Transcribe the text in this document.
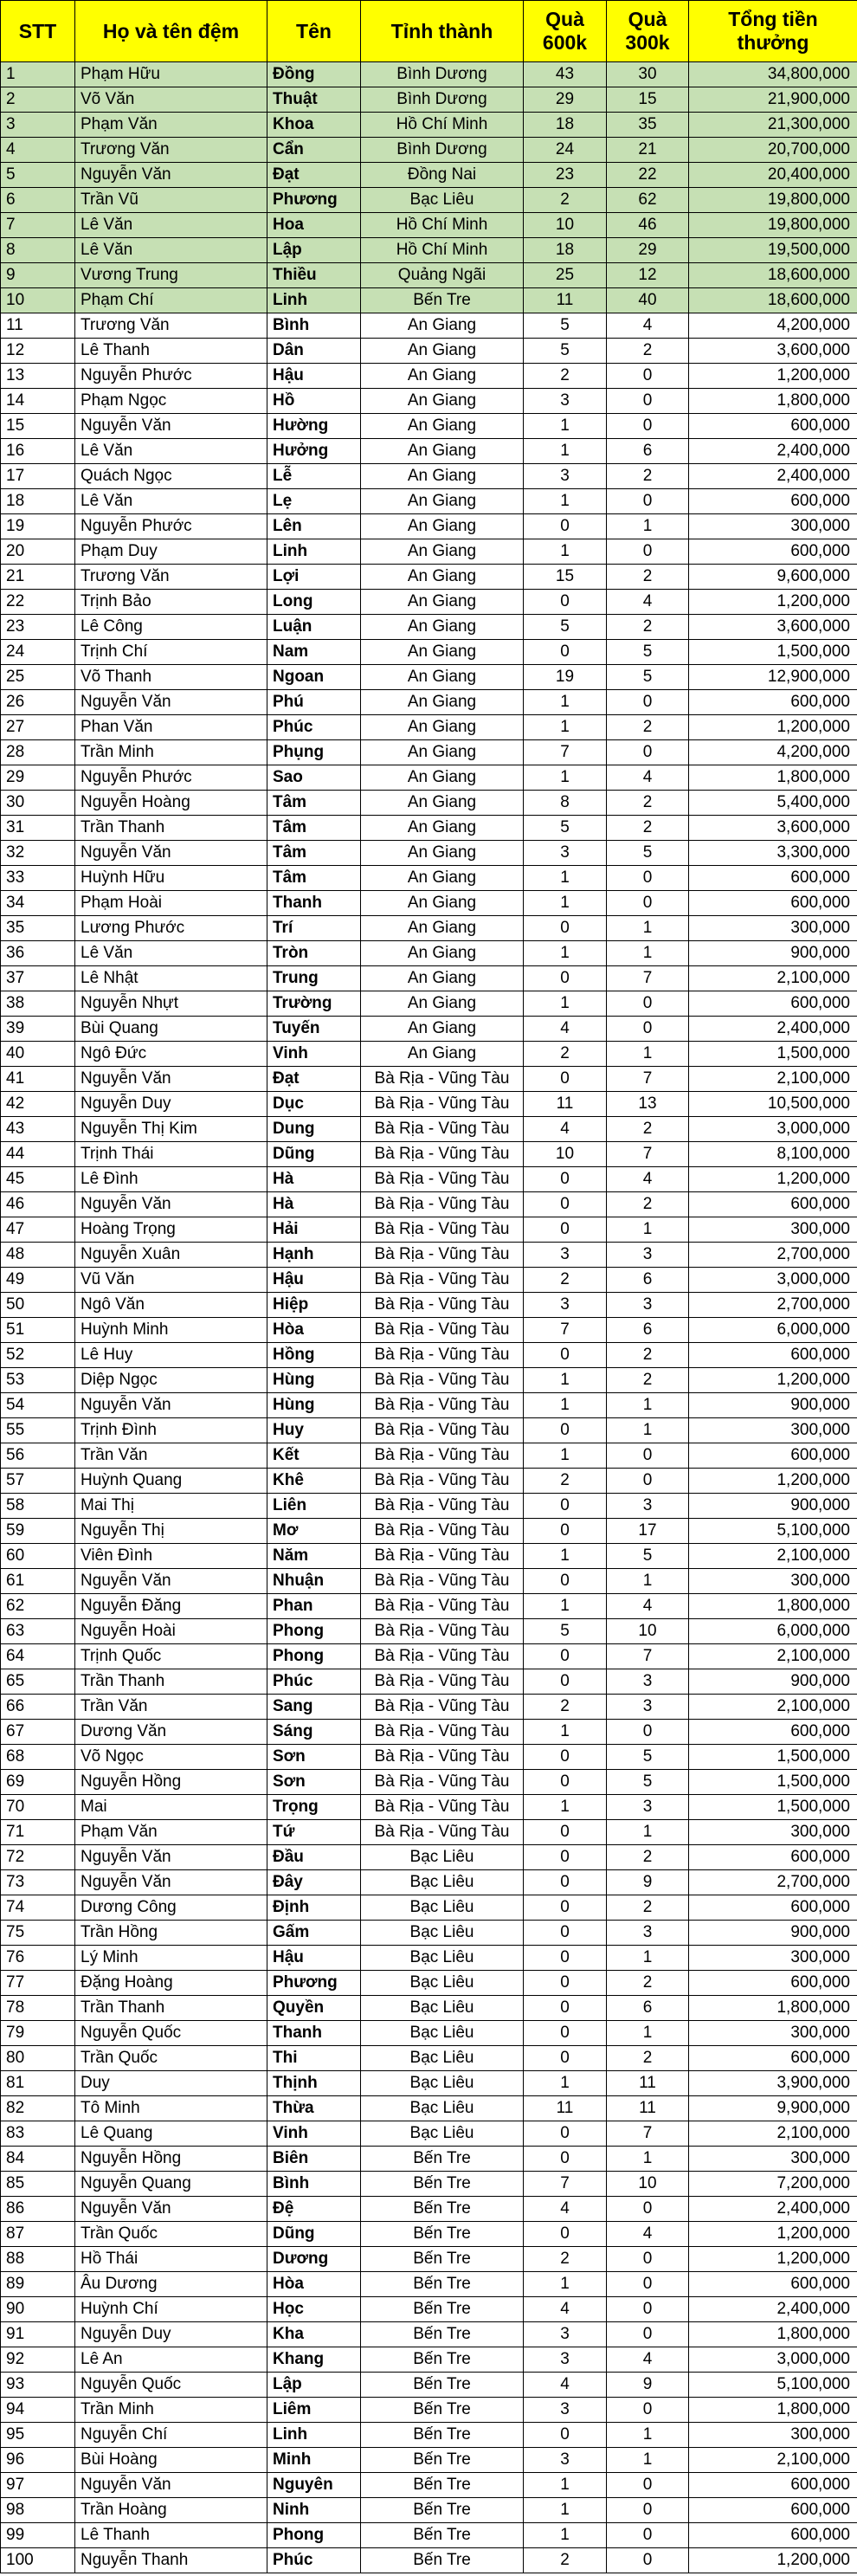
STT	Họ và tên đệm	Tên	Tỉnh thành	Quà 600k	Quà 300k	Tổng tiền thưởng
1	Phạm Hữu	Đồng	Bình Dương	43	30	34,800,000
2	Võ Văn	Thuật	Bình Dương	29	15	21,900,000
3	Phạm Văn	Khoa	Hồ Chí Minh	18	35	21,300,000
4	Trương Văn	Cẩn	Bình Dương	24	21	20,700,000
5	Nguyễn Văn	Đạt	Đồng Nai	23	22	20,400,000
6	Trần Vũ	Phương	Bạc Liêu	2	62	19,800,000
7	Lê Văn	Hoa	Hồ Chí Minh	10	46	19,800,000
8	Lê Văn	Lập	Hồ Chí Minh	18	29	19,500,000
9	Vương Trung	Thiều	Quảng Ngãi	25	12	18,600,000
10	Phạm Chí	Linh	Bến Tre	11	40	18,600,000
11	Trương Văn	Bình	An Giang	5	4	4,200,000
12	Lê Thanh	Dân	An Giang	5	2	3,600,000
13	Nguyễn Phước	Hậu	An Giang	2	0	1,200,000
14	Phạm Ngọc	Hồ	An Giang	3	0	1,800,000
15	Nguyễn Văn	Hường	An Giang	1	0	600,000
16	Lê Văn	Hưởng	An Giang	1	6	2,400,000
17	Quách Ngọc	Lễ	An Giang	3	2	2,400,000
18	Lê Văn	Lẹ	An Giang	1	0	600,000
19	Nguyễn Phước	Lên	An Giang	0	1	300,000
20	Phạm Duy	Linh	An Giang	1	0	600,000
21	Trương Văn	Lợi	An Giang	15	2	9,600,000
22	Trịnh Bảo	Long	An Giang	0	4	1,200,000
23	Lê Công	Luận	An Giang	5	2	3,600,000
24	Trịnh Chí	Nam	An Giang	0	5	1,500,000
25	Võ Thanh	Ngoan	An Giang	19	5	12,900,000
26	Nguyễn Văn	Phú	An Giang	1	0	600,000
27	Phan Văn	Phúc	An Giang	1	2	1,200,000
28	Trần Minh	Phụng	An Giang	7	0	4,200,000
29	Nguyễn Phước	Sao	An Giang	1	4	1,800,000
30	Nguyễn Hoàng	Tâm	An Giang	8	2	5,400,000
31	Trần Thanh	Tâm	An Giang	5	2	3,600,000
32	Nguyễn Văn	Tâm	An Giang	3	5	3,300,000
33	Huỳnh Hữu	Tâm	An Giang	1	0	600,000
34	Phạm Hoài	Thanh	An Giang	1	0	600,000
35	Lương Phước	Trí	An Giang	0	1	300,000
36	Lê Văn	Tròn	An Giang	1	1	900,000
37	Lê Nhật	Trung	An Giang	0	7	2,100,000
38	Nguyễn Nhựt	Trường	An Giang	1	0	600,000
39	Bùi Quang	Tuyến	An Giang	4	0	2,400,000
40	Ngô Đức	Vinh	An Giang	2	1	1,500,000
41	Nguyễn Văn	Đạt	Bà Rịa - Vũng Tàu	0	7	2,100,000
42	Nguyễn Duy	Dục	Bà Rịa - Vũng Tàu	11	13	10,500,000
43	Nguyễn Thị Kim	Dung	Bà Rịa - Vũng Tàu	4	2	3,000,000
44	Trịnh Thái	Dũng	Bà Rịa - Vũng Tàu	10	7	8,100,000
45	Lê Đình	Hà	Bà Rịa - Vũng Tàu	0	4	1,200,000
46	Nguyễn Văn	Hà	Bà Rịa - Vũng Tàu	0	2	600,000
47	Hoàng Trọng	Hải	Bà Rịa - Vũng Tàu	0	1	300,000
48	Nguyễn Xuân	Hạnh	Bà Rịa - Vũng Tàu	3	3	2,700,000
49	Vũ Văn	Hậu	Bà Rịa - Vũng Tàu	2	6	3,000,000
50	Ngô Văn	Hiệp	Bà Rịa - Vũng Tàu	3	3	2,700,000
51	Huỳnh Minh	Hòa	Bà Rịa - Vũng Tàu	7	6	6,000,000
52	Lê Huy	Hồng	Bà Rịa - Vũng Tàu	0	2	600,000
53	Diệp Ngọc	Hùng	Bà Rịa - Vũng Tàu	1	2	1,200,000
54	Nguyễn Văn	Hùng	Bà Rịa - Vũng Tàu	1	1	900,000
55	Trịnh Đình	Huy	Bà Rịa - Vũng Tàu	0	1	300,000
56	Trần Văn	Kết	Bà Rịa - Vũng Tàu	1	0	600,000
57	Huỳnh Quang	Khê	Bà Rịa - Vũng Tàu	2	0	1,200,000
58	Mai Thị	Liên	Bà Rịa - Vũng Tàu	0	3	900,000
59	Nguyễn Thị	Mơ	Bà Rịa - Vũng Tàu	0	17	5,100,000
60	Viên Đình	Năm	Bà Rịa - Vũng Tàu	1	5	2,100,000
61	Nguyễn Văn	Nhuận	Bà Rịa - Vũng Tàu	0	1	300,000
62	Nguyễn Đăng	Phan	Bà Rịa - Vũng Tàu	1	4	1,800,000
63	Nguyễn Hoài	Phong	Bà Rịa - Vũng Tàu	5	10	6,000,000
64	Trịnh Quốc	Phong	Bà Rịa - Vũng Tàu	0	7	2,100,000
65	Trần Thanh	Phúc	Bà Rịa - Vũng Tàu	0	3	900,000
66	Trần Văn	Sang	Bà Rịa - Vũng Tàu	2	3	2,100,000
67	Dương Văn	Sáng	Bà Rịa - Vũng Tàu	1	0	600,000
68	Võ Ngọc	Sơn	Bà Rịa - Vũng Tàu	0	5	1,500,000
69	Nguyễn Hồng	Sơn	Bà Rịa - Vũng Tàu	0	5	1,500,000
70	Mai	Trọng	Bà Rịa - Vũng Tàu	1	3	1,500,000
71	Phạm Văn	Tứ	Bà Rịa - Vũng Tàu	0	1	300,000
72	Nguyễn Văn	Đầu	Bạc Liêu	0	2	600,000
73	Nguyễn Văn	Đây	Bạc Liêu	0	9	2,700,000
74	Dương Công	Định	Bạc Liêu	0	2	600,000
75	Trần Hồng	Gấm	Bạc Liêu	0	3	900,000
76	Lý Minh	Hậu	Bạc Liêu	0	1	300,000
77	Đặng Hoàng	Phương	Bạc Liêu	0	2	600,000
78	Trần Thanh	Quyền	Bạc Liêu	0	6	1,800,000
79	Nguyễn Quốc	Thanh	Bạc Liêu	0	1	300,000
80	Trần Quốc	Thi	Bạc Liêu	0	2	600,000
81	Duy	Thịnh	Bạc Liêu	1	11	3,900,000
82	Tô Minh	Thừa	Bạc Liêu	11	11	9,900,000
83	Lê Quang	Vinh	Bạc Liêu	0	7	2,100,000
84	Nguyễn Hồng	Biên	Bến Tre	0	1	300,000
85	Nguyễn Quang	Bình	Bến Tre	7	10	7,200,000
86	Nguyễn Văn	Đệ	Bến Tre	4	0	2,400,000
87	Trần Quốc	Dũng	Bến Tre	0	4	1,200,000
88	Hồ Thái	Dương	Bến Tre	2	0	1,200,000
89	Âu Dương	Hòa	Bến Tre	1	0	600,000
90	Huỳnh Chí	Học	Bến Tre	4	0	2,400,000
91	Nguyễn Duy	Kha	Bến Tre	3	0	1,800,000
92	Lê An	Khang	Bến Tre	3	4	3,000,000
93	Nguyễn Quốc	Lập	Bến Tre	4	9	5,100,000
94	Trần Minh	Liêm	Bến Tre	3	0	1,800,000
95	Nguyễn Chí	Linh	Bến Tre	0	1	300,000
96	Bùi Hoàng	Minh	Bến Tre	3	1	2,100,000
97	Nguyễn Văn	Nguyên	Bến Tre	1	0	600,000
98	Trần Hoàng	Ninh	Bến Tre	1	0	600,000
99	Lê Thanh	Phong	Bến Tre	1	0	600,000
100	Nguyễn Thanh	Phúc	Bến Tre	2	0	1,200,000
